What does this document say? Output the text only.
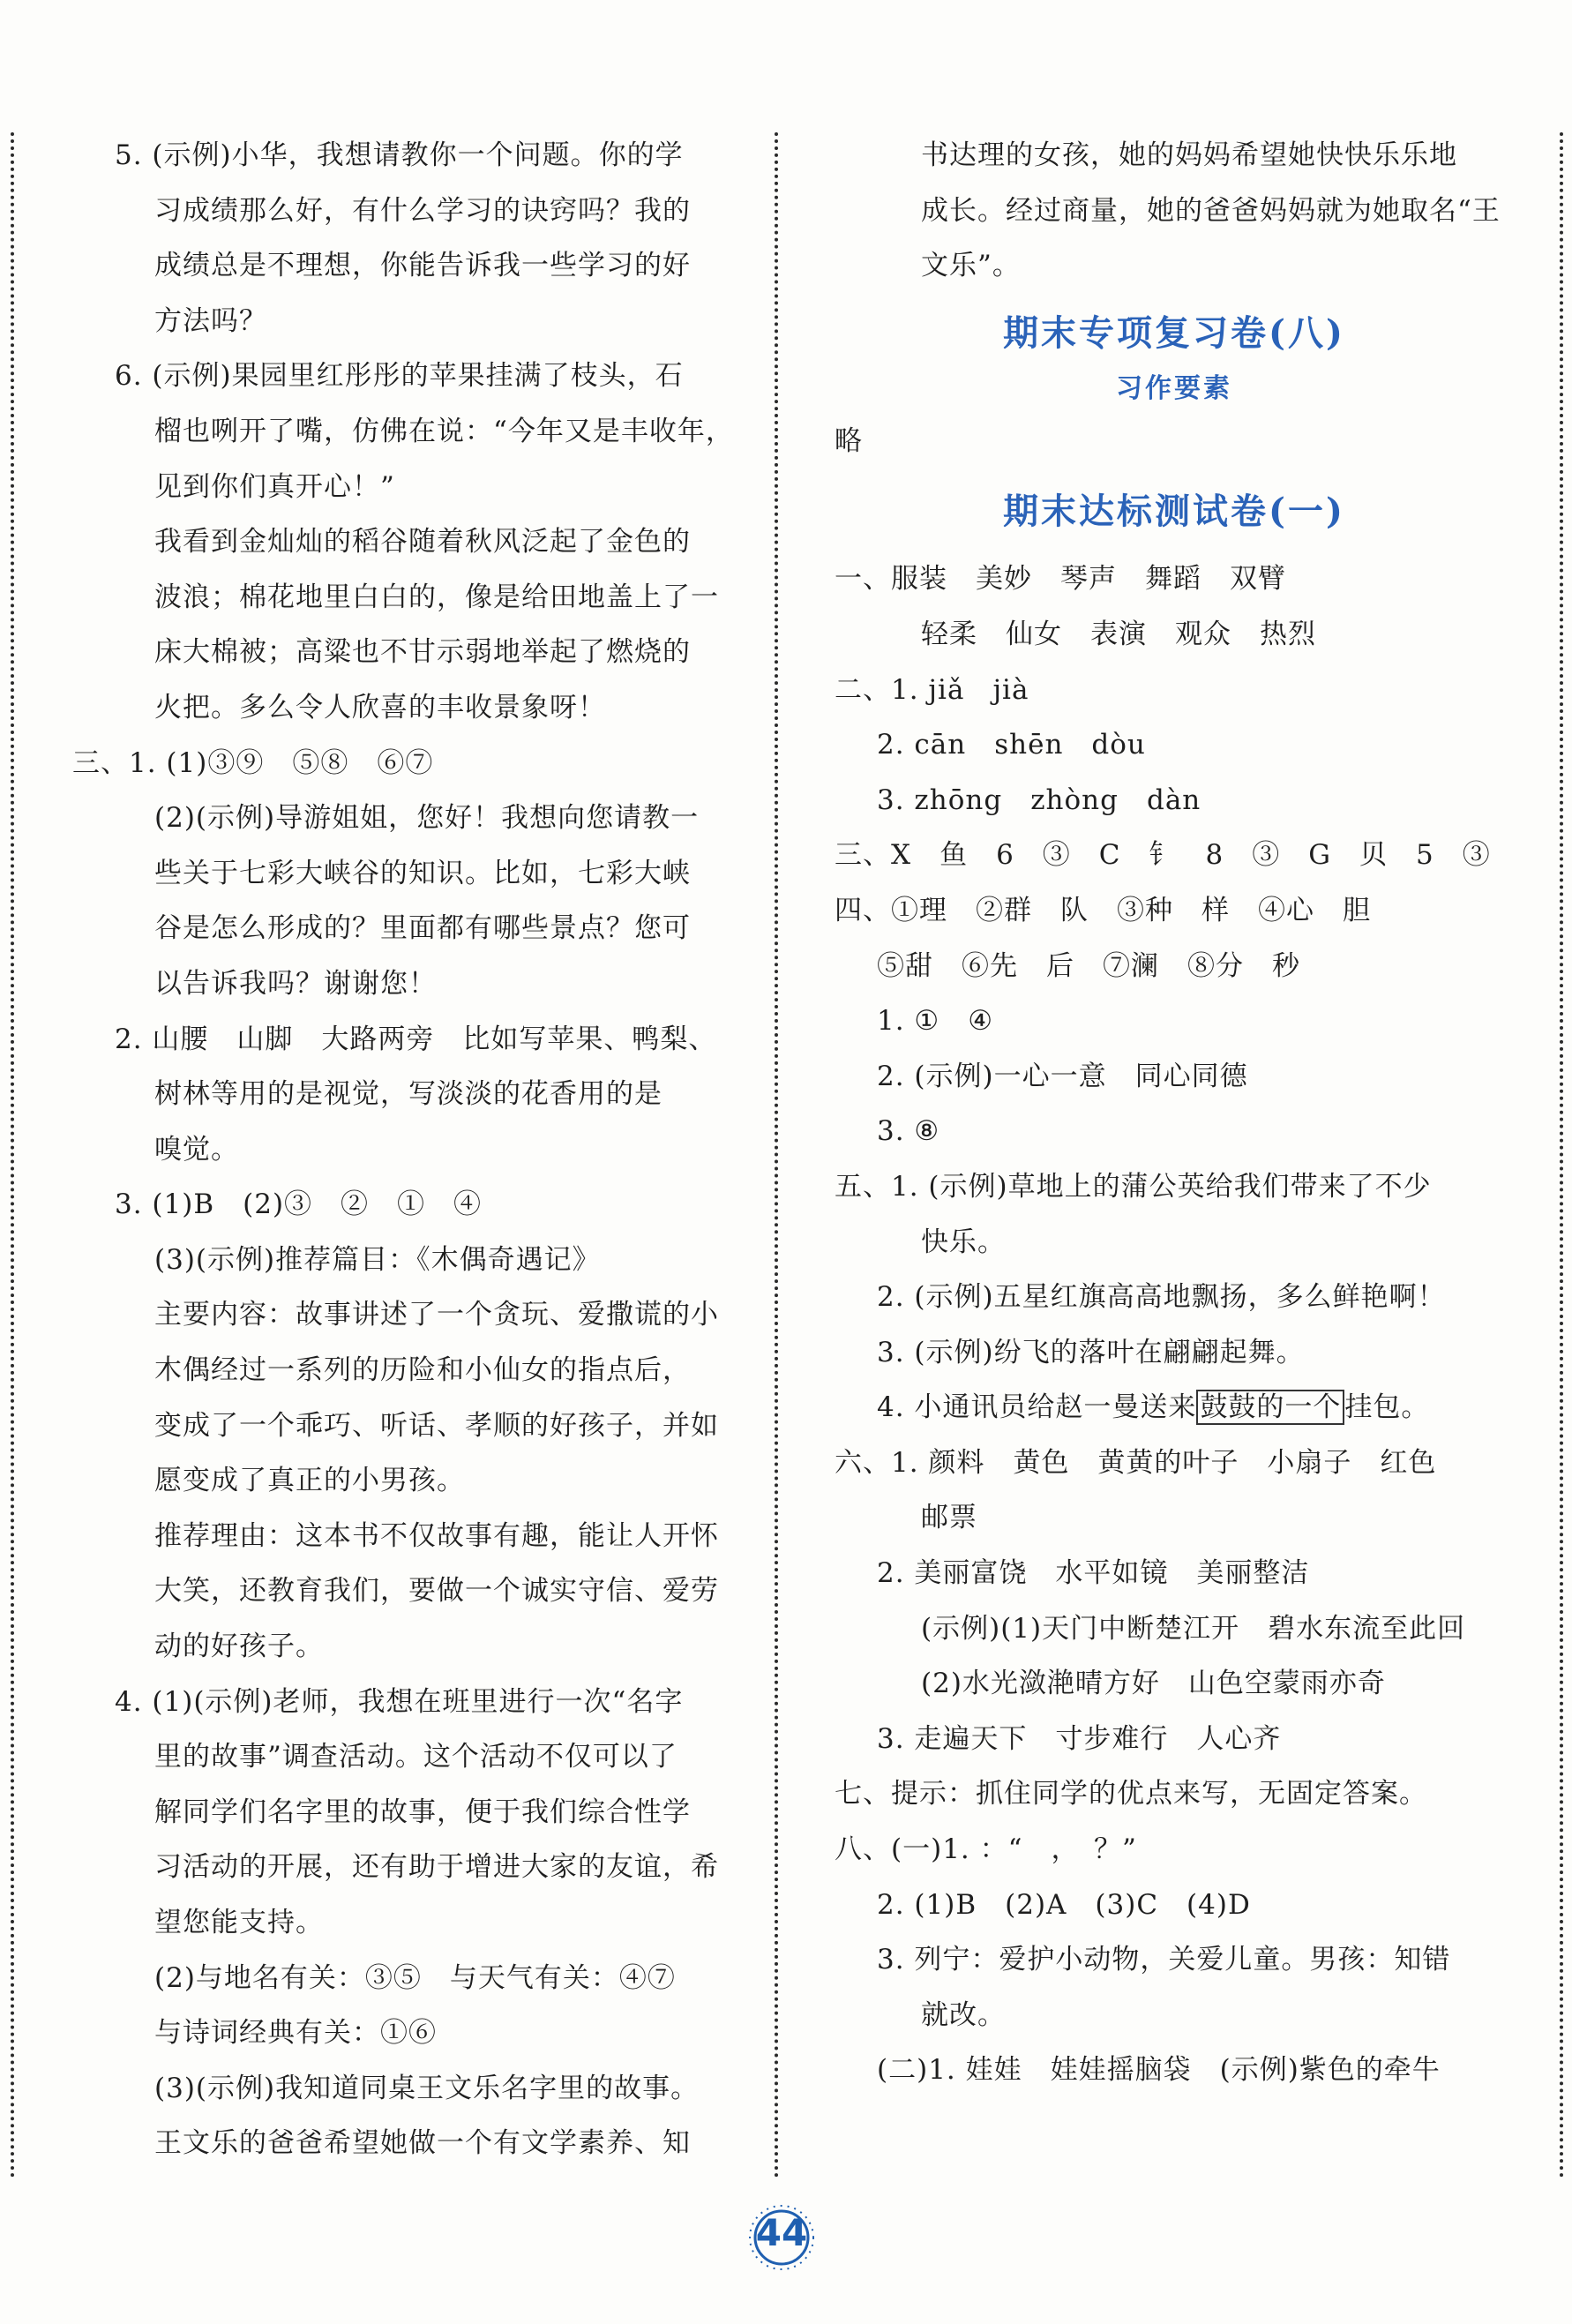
5. (示例)小华，我想请教你一个问题。你的学
习成绩那么好，有什么学习的诀窍吗？我的
成绩总是不理想，你能告诉我一些学习的好
方法吗？
6. (示例)果园里红彤彤的苹果挂满了枝头，石
榴也咧开了嘴，仿佛在说：“今年又是丰收年，
见到你们真开心！”
我看到金灿灿的稻谷随着秋风泛起了金色的
波浪；棉花地里白白的，像是给田地盖上了一
床大棉被；高粱也不甘示弱地举起了燃烧的
火把。多么令人欣喜的丰收景象呀！
三、1. (1)③⑨　⑤⑧　⑥⑦
(2)(示例)导游姐姐，您好！我想向您请教一
些关于七彩大峡谷的知识。比如，七彩大峡
谷是怎么形成的？里面都有哪些景点？您可
以告诉我吗？谢谢您！
2. 山腰　山脚　大路两旁　比如写苹果、鸭梨、
树林等用的是视觉，写淡淡的花香用的是
嗅觉。
3. (1)B　(2)③　②　①　④
(3)(示例)推荐篇目：《木偶奇遇记》
主要内容：故事讲述了一个贪玩、爱撒谎的小
木偶经过一系列的历险和小仙女的指点后，
变成了一个乖巧、听话、孝顺的好孩子，并如
愿变成了真正的小男孩。
推荐理由：这本书不仅故事有趣，能让人开怀
大笑，还教育我们，要做一个诚实守信、爱劳
动的好孩子。
4. (1)(示例)老师，我想在班里进行一次“名字
里的故事”调查活动。这个活动不仅可以了
解同学们名字里的故事，便于我们综合性学
习活动的开展，还有助于增进大家的友谊，希
望您能支持。
(2)与地名有关：③⑤　与天气有关：④⑦
与诗词经典有关：①⑥
(3)(示例)我知道同桌王文乐名字里的故事。
王文乐的爸爸希望她做一个有文学素养、知
书达理的女孩，她的妈妈希望她快快乐乐地
成长。经过商量，她的爸爸妈妈就为她取名“王
文乐”。
期末专项复习卷(八)
习作要素
略
期末达标测试卷(一)
一、服装　美妙　琴声　舞蹈　双臂
轻柔　仙女　表演　观众　热烈
二、1. jiǎ　jià
2. cān　shēn　dòu
3. zhōng　zhòng　dàn
三、X　鱼　6　③　C　钅　8　③　G　贝　5　③
四、①理　②群　队　③种　样　④心　胆
⑤甜　⑥先　后　⑦澜　⑧分　秒
1. ①　④
2. (示例)一心一意　同心同德
3. ⑧
五、1. (示例)草地上的蒲公英给我们带来了不少
快乐。
2. (示例)五星红旗高高地飘扬，多么鲜艳啊！
3. (示例)纷飞的落叶在翩翩起舞。
4. 小通讯员给赵一曼送来 鼓鼓的一个 挂包。
六、1. 颜料　黄色　黄黄的叶子　小扇子　红色
邮票
2. 美丽富饶　水平如镜　美丽整洁
(示例)(1)天门中断楚江开　碧水东流至此回
(2)水光潋滟晴方好　山色空蒙雨亦奇
3. 走遍天下　寸步难行　人心齐
七、提示：抓住同学的优点来写，无固定答案。
八、(一)1. ：“　，　？”
2. (1)B　(2)A　(3)C　(4)D
3. 列宁：爱护小动物，关爱儿童。男孩：知错
就改。
(二)1. 娃娃　娃娃摇脑袋　(示例)紫色的牵牛
44
